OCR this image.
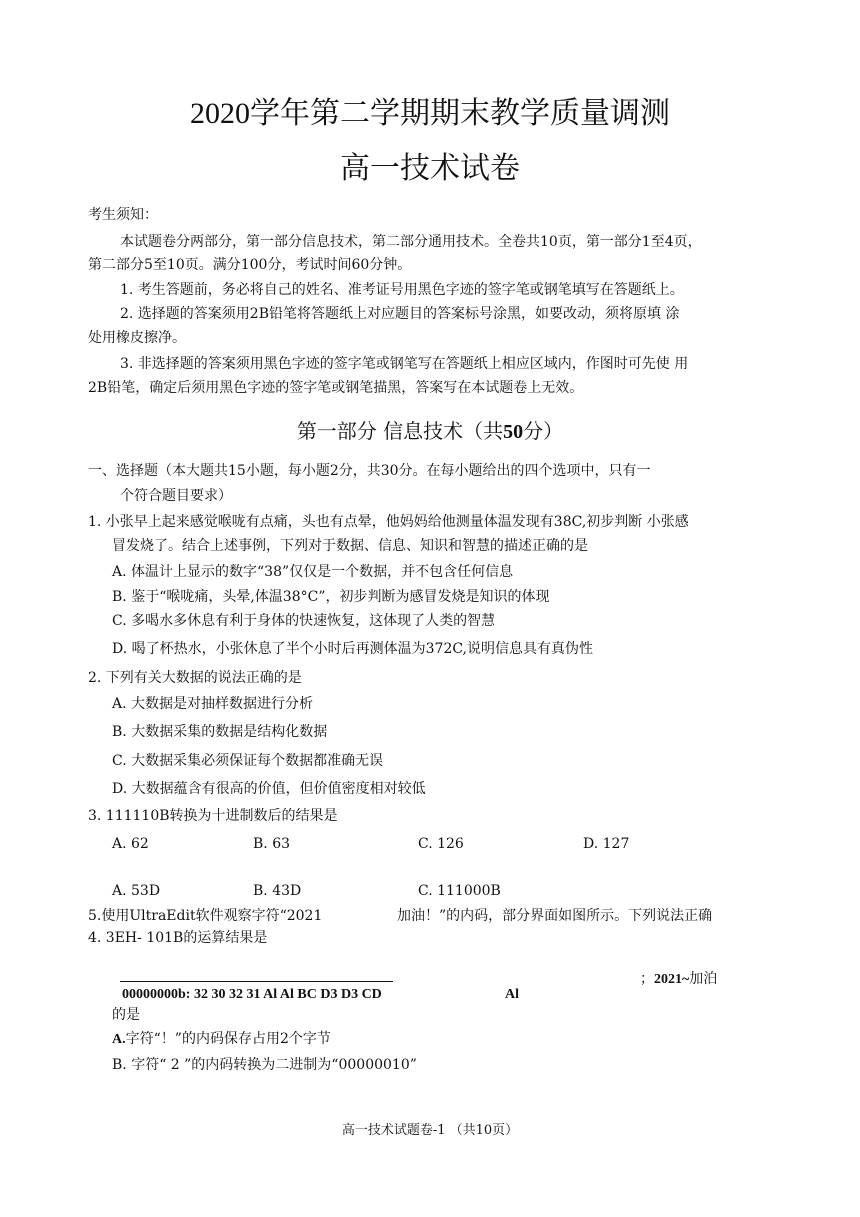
2020学年第二学期期末教学质量调测
高一技术试卷
考生须知：
本试题卷分两部分，第一部分信息技术，第二部分通用技术。全卷共10页，第一部分1至4页，
第二部分5至10页。满分100分，考试时间60分钟。
1. 考生答题前，务必将自己的姓名、准考证号用黑色字迹的签字笔或钢笔填写在答题纸上。
2. 选择题的答案须用2B铅笔将答题纸上对应题目的答案标号涂黑，如要改动，须将原填 涂
处用橡皮擦净。
3. 非选择题的答案须用黑色字迹的签字笔或钢笔写在答题纸上相应区域内，作图时可先使 用
2B铅笔，确定后须用黑色字迹的签字笔或钢笔描黑，答案写在本试题卷上无效。
第一部分 信息技术（共50分）
一、选择题（本大题共15小题，每小题2分，共30分。在每小题给出的四个选项中，只有一
个符合题目要求）
1. 小张早上起来感觉喉咙有点痛，头也有点晕，他妈妈给他测量体温发现有38C,初步判断 小张感
冒发烧了。结合上述事例，下列对于数据、信息、知识和智慧的描述正确的是
A. 体温计上显示的数字“38”仅仅是一个数据，并不包含任何信息
B. 鉴于“喉咙痛，头晕,体温38°C”，初步判断为感冒发烧是知识的体现
C. 多喝水多休息有利于身体的快速恢复，这体现了人类的智慧
D. 喝了杯热水，小张休息了半个小时后再测体温为372C,说明信息具有真伪性
2. 下列有关大数据的说法正确的是
A. 大数据是对抽样数据进行分析
B. 大数据采集的数据是结构化数据
C. 大数据采集必须保证每个数据都准确无误
D. 大数据蕴含有很高的价值，但价值密度相对较低
3. 111110B转换为十进制数后的结果是
A. 62	B. 63	C. 126	D. 127
A. 53D	B. 43D	C. 111000B
5.使用UltraEdit软件观察字符“2021	加油！”的内码，部分界面如图所示。下列说法正确
4. 3EH- 101B的运算结果是
00000000b: 32 30 32 31 Al Al BC D3 D3 CD	Al
；2021~加泊
的是
A.字符“！”的内码保存占用2个字节
B. 字符“ 2 ”的内码转换为二进制为“00000010”
高一技术试题卷-1 （共10页）
